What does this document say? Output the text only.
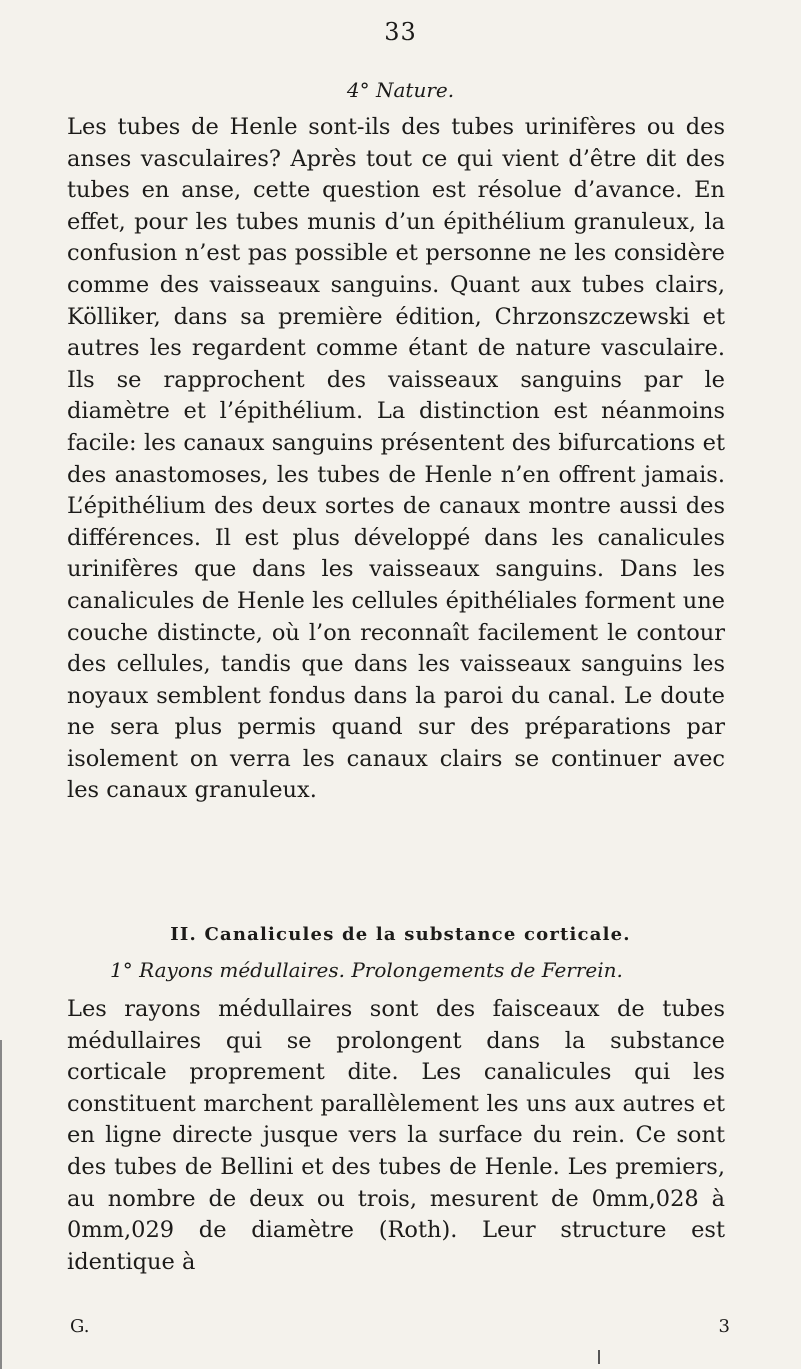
33
4° Nature.

Les tubes de Henle sont-ils des tubes urinifères ou des anses vasculaires? Après tout ce qui vient d’être dit des tubes en anse, cette question est résolue d’avance. En effet, pour les tubes munis d’un épithélium granuleux, la confusion n’est pas possible et personne ne les considère comme des vaisseaux sanguins. Quant aux tubes clairs, Kölliker, dans sa première édition, Chrzonszczewski et autres les regardent comme étant de nature vasculaire. Ils se rapprochent des vaisseaux sanguins par le diamètre et l’épithélium. La distinction est néanmoins facile: les canaux sanguins présentent des bifurcations et des anastomoses, les tubes de Henle n’en offrent jamais. L’épithélium des deux sortes de canaux montre aussi des différences. Il est plus développé dans les canalicules urinifères que dans les vaisseaux sanguins. Dans les canalicules de Henle les cellules épithéliales forment une couche distincte, où l’on reconnaît facilement le contour des cellules, tandis que dans les vaisseaux sanguins les noyaux semblent fondus dans la paroi du canal. Le doute ne sera plus permis quand sur des préparations par isolement on verra les canaux clairs se continuer avec les canaux granuleux.

II. Canalicules de la substance corticale.
1° Rayons médullaires. Prolongements de Ferrein.

Les rayons médullaires sont des faisceaux de tubes médullaires qui se prolongent dans la substance corticale proprement dite. Les canalicules qui les constituent marchent parallèlement les uns aux autres et en ligne directe jusque vers la surface du rein. Ce sont des tubes de Bellini et des tubes de Henle. Les premiers, au nombre de deux ou trois, mesurent de 0mm,028 à 0mm,029 de diamètre (Roth). Leur structure est identique à

G.	3
